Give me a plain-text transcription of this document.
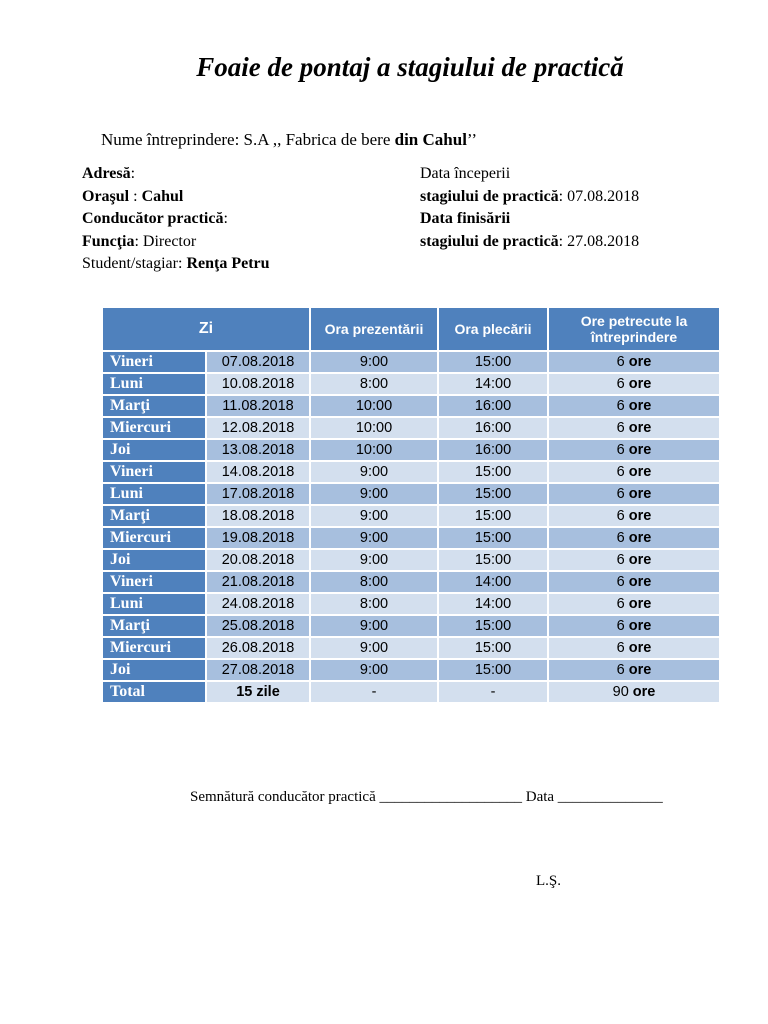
Foaie de pontaj a stagiului de practică
Nume întreprindere: S.A ,, Fabrica de bere din Cahul’’
Adresă:
Oraşul : Cahul
Conducător practică:
Funcţia: Director
Student/stagiar: Renţa Petru
Data începerii
stagiului de practică: 07.08.2018
Data finisării
stagiului de practică: 27.08.2018
Zi		Ora prezentării	Ora plecării	Ore petrecute la întreprindere
Vineri	07.08.2018	9:00	15:00	6 ore
Luni	10.08.2018	8:00	14:00	6 ore
Marţi	11.08.2018	10:00	16:00	6 ore
Miercuri	12.08.2018	10:00	16:00	6 ore
Joi	13.08.2018	10:00	16:00	6 ore
Vineri	14.08.2018	9:00	15:00	6 ore
Luni	17.08.2018	9:00	15:00	6 ore
Marţi	18.08.2018	9:00	15:00	6 ore
Miercuri	19.08.2018	9:00	15:00	6 ore
Joi	20.08.2018	9:00	15:00	6 ore
Vineri	21.08.2018	8:00	14:00	6 ore
Luni	24.08.2018	8:00	14:00	6 ore
Marţi	25.08.2018	9:00	15:00	6 ore
Miercuri	26.08.2018	9:00	15:00	6 ore
Joi	27.08.2018	9:00	15:00	6 ore
Total	15 zile	-	-	90 ore
Semnătură conducător practică ___________________ Data ______________
L.Ş.
